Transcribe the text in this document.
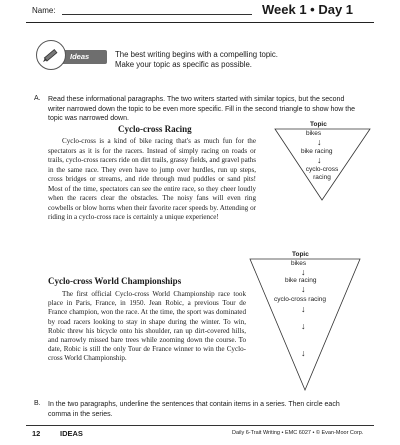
Name:	Week 1 • Day 1
Ideas	The best writing begins with a compelling topic.
Make your topic as specific as possible.
A. Read these informational paragraphs. The two writers started with similar topics, but the second writer narrowed down the topic to be even more specific. Fill in the second triangle to show how the topic was narrowed down.

Cyclo-cross Racing

Cyclo-cross is a kind of bike racing that's as much fun for the spectators as it is for the racers. Instead of simply racing on roads or trails, cyclo-cross racers ride on dirt trails, grassy fields, and gravel paths in the same race. They even have to jump over hurdles, run up steps, cross bridges or streams, and ride through mud puddles or sand pits! Most of the time, spectators can see the entire race, so they cheer loudly when the racers clear the obstacles. The noisy fans will even ring cowbells or blow horns when their favorite racer speeds by. Attending or riding in a cyclo-cross race is certainly a unique experience!

Cyclo-cross World Championships

The first official Cyclo-cross World Championship race took place in Paris, France, in 1950. Jean Robic, a previous Tour de France champion, won the race. At the time, the sport was dominated by road racers looking to stay in shape during the winter. To win, Robic threw his bicycle onto his shoulder, ran up dirt-covered hills, and narrowly missed bare trees while zooming down the course. To date, Robic is still the only Tour de France winner to win the Cyclo-cross World Championship.

Topic
bikes
↓
bike racing
↓
cyclo-cross racing
Topic
bikes
↓
bike racing
↓
cyclo-cross racing
↓
↓
↓
B. In the two paragraphs, underline the sentences that contain items in a series. Then circle each comma in the series.

12	IDEAS	Daily 6-Trait Writing • EMC 6027 • © Evan-Moor Corp.
